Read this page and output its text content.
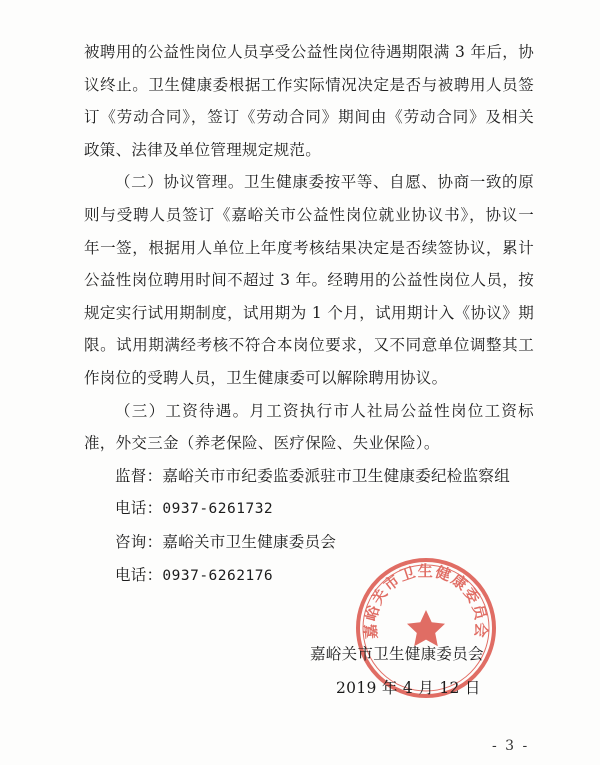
被聘用的公益性岗位人员享受公益性岗位待遇期限满 3 年后，协议终止。卫生健康委根据工作实际情况决定是否与被聘用人员签订《劳动合同》，签订《劳动合同》期间由《劳动合同》及相关政策、法律及单位管理规定规范。

（二）协议管理。卫生健康委按平等、自愿、协商一致的原则与受聘人员签订《嘉峪关市公益性岗位就业协议书》，协议一年一签，根据用人单位上年度考核结果决定是否续签协议，累计公益性岗位聘用时间不超过 3 年。经聘用的公益性岗位人员，按规定实行试用期制度，试用期为 1 个月，试用期计入《协议》期限。试用期满经考核不符合本岗位要求，又不同意单位调整其工作岗位的受聘人员，卫生健康委可以解除聘用协议。

（三）工资待遇。月工资执行市人社局公益性岗位工资标准，外交三金（养老保险、医疗保险、失业保险）。

监督：嘉峪关市市纪委监委派驻市卫生健康委纪检监察组

电话：0937-6261732

咨询：嘉峪关市卫生健康委员会

电话：0937-6262176

嘉峪关市卫生健康委员会
嘉峪关市卫生健康委员会
2019 年 4 月 12 日
- 3 -
